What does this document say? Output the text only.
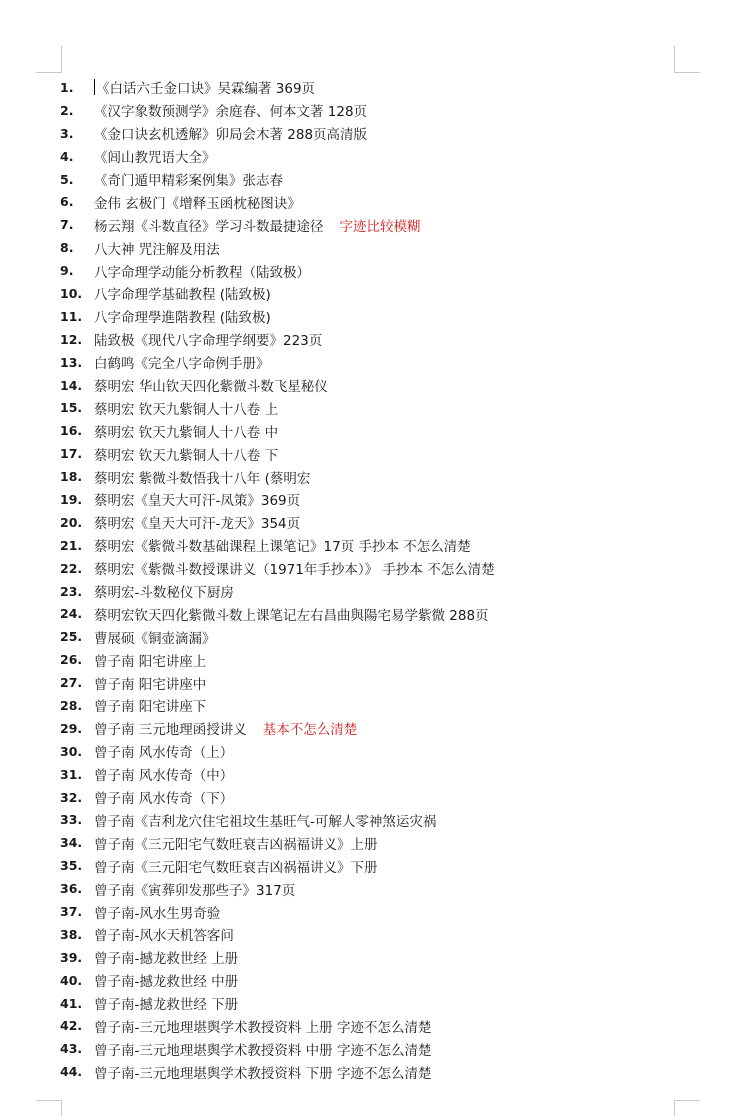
1.	《白话六壬金口诀》吴霖编著 369页
2.	《汉字象数预测学》余庭春、何本文著 128页
3.	《金口诀玄机透解》卯局会木著 288页高清版
4.	《闾山教咒语大全》
5.	《奇门遁甲精彩案例集》张志春
6.	金伟 玄极门《增释玉函枕秘图诀》
7.	杨云翔《斗数直径》学习斗数最捷途径 字迹比较模糊
8.	八大神 咒注解及用法
9.	八字命理学动能分析教程（陆致极）
10. 八字命理学基础教程 (陆致极)
11. 八字命理學進階教程 (陆致极)
12. 陆致极《现代八字命理学纲要》223页
13. 白鹤鸣《完全八字命例手册》
14. 蔡明宏 华山钦天四化紫微斗数飞星秘仪
15. 蔡明宏 钦天九紫铜人十八卷 上
16. 蔡明宏 钦天九紫铜人十八卷 中
17. 蔡明宏 钦天九紫铜人十八卷 下
18. 蔡明宏 紫微斗数悟我十八年 (蔡明宏
19. 蔡明宏《皇天大可汗-凤策》369页
20. 蔡明宏《皇天大可汗-龙天》354页
21. 蔡明宏《紫微斗数基础课程上课笔记》17页 手抄本 不怎么清楚
22. 蔡明宏《紫微斗数授课讲义（1971年手抄本）》 手抄本 不怎么清楚
23. 蔡明宏-斗数秘仪下厨房
24. 蔡明宏钦天四化紫微斗数上课笔记左右昌曲與陽宅易学紫微 288页
25. 曹展硕《铜壶滴漏》
26. 曾子南 阳宅讲座上
27. 曾子南 阳宅讲座中
28. 曾子南 阳宅讲座下
29. 曾子南 三元地理函授讲义 基本不怎么清楚
30. 曾子南 风水传奇（上）
31. 曾子南 风水传奇（中）
32. 曾子南 风水传奇（下）
33. 曾子南《吉利龙穴住宅祖坟生基旺气-可解人零神煞运灾祸
34. 曾子南《三元阳宅气数旺衰吉凶祸福讲义》上册
35. 曾子南《三元阳宅气数旺衰吉凶祸福讲义》下册
36. 曾子南《寅葬卯发那些子》317页
37. 曾子南-风水生男奇验
38. 曾子南-风水天机答客问
39. 曾子南-撼龙救世经 上册
40. 曾子南-撼龙救世经 中册
41. 曾子南-撼龙救世经 下册
42. 曾子南-三元地理堪舆学术教授资料 上册 字迹不怎么清楚
43. 曾子南-三元地理堪舆学术教授资料 中册 字迹不怎么清楚
44. 曾子南-三元地理堪舆学术教授资料 下册 字迹不怎么清楚
